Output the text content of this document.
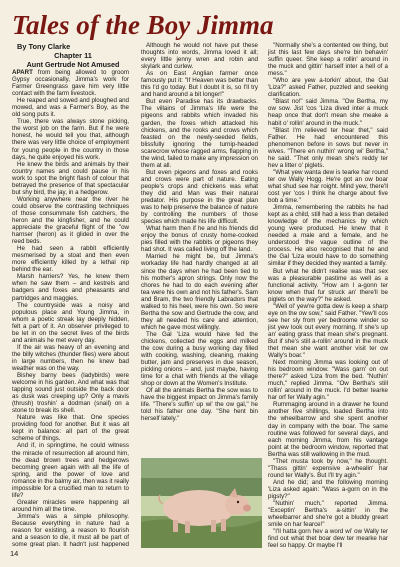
Tales of the Boy Jimma

By Tony Clarke

Chapter 11

Aunt Gertrude Not Amused

APART from being allowed to groom Gypsy occasionally, Jimma's work for Farmer Greengrass gave him very little contact with the farm livestock.

He reaped and sowed and ploughed and mowed, and was a Farmer's Boy, as the old song puts it.

True, there was always stone picking, the worst job on the farm. But if he were honest, he would tell you that, although there was very little choice of employment for young people in the country in those days, he quite enjoyed his work.

He knew the birds and animals by their country names and could pause in his work to spot the bright flash of colour that betrayed the presence of that spectacular but shy bird, the jay, in a hedgerow.

Working anywhere near the river he could observe the contrasting techniques of those consummate fish catchers, the heron and the kingfisher, and he could appreciate the graceful flight of the "ow harnser (heron) as it glided in over the reed beds.

He had seen a rabbit efficiently mesmerised by a stoat and then even more efficiently killed by a lethal nip behind the ear.

Marsh harriers? Yes, he knew them when he saw them – and kestrels and badgers and foxes and pheasants and partridges and maggies.

The countryside was a noisy and populous place and Young Jimma, in whom a poetic streak lay deeply hidden, felt a part of it. An observer privileged to be let in on the secret lives of the birds and animals he met every day.

If the air was heavy of an evening and the billy witches (thunder flies) were about in large numbers, then he knew bad weather was on the way.

Bishey barny bees (ladybirds) were welcome in his garden. And what was that tapping sound just outside the back door as dusk was creeping up? Only a mavis (thrush) troshin' a dodman (snail) on a stone to break its shell.

Nature was like that. One species providing food for another. But it was all kept in balance: all part of the great scheme of things.

And if, in springtime, he could witness the miracle of resurrection all around him, the dead brown trees and hedgerows becoming green again with all the life of spring, and the power of love and romance in the balmy air, then was it really impossible for a crucified man to return to life?

Greater miracles were happening all around him all the time.

Jimma's was a simple philosophy. Because everything in nature had a reason for existing, a reason to flourish and a season to die, it must all be part of some great plan. It hadn't just happened

Although he would not have put these thoughts into words, Jimma loved it all; every little jenny wren and robin and skylark and curlew.

As on East Anglian farmer once famously put it: "If Heaven was better than this I'd go today. But I doubt it is, so I'll try and hand around a bit longer!"

But even Paradise has its drawbacks. The villains of Jimma's life were the pigeons and rabbits which invaded his garden, the foxes which attacked his chickens, and the rooks and crows which feasted on the newly-seeded fields, blissfully ignoring the turnip-headed scarecrow whose ragged arms, flapping in the wind, failed to make any impression on them at all.

But even pigeons and foxes and rooks and crows were part of nature. Eating people's crops and chickens was what they did and Man was their natural predator. His purpose in the great plan was to help preserve the balance of nature by controlling the numbers of those species which made his life difficult.

What harm then if he and his friends did enjoy the bonus of crusty home-cooked pies filled with the rabbits or pigeons they had shot. It was called living off the land.

Married he might be, but Jimma's workaday life had hardly changed at all since the days when he had been tied to his mother's apron strings. Only now the chores he had to do each evening after tea were his own and not his father's. Sam and Bram, the two friendly Labradors that walked to his heel, were his own. So were Bertha the sow and Gertrude the cow, and they all needed his care and attention, which he gave most willingly.

The Gal 'Liza would have fed the chickens, collected the eggs and milked the cow during a busy working day filled with cooking, washing, cleaning, making butter, jam and preserves in due season, pickling onions – and, just maybe, having time for a chat with friends at the village shop or down at the Women's Institute.

Of all the animals Bertha the sow was to have the biggest impact on Jimma's family life. "There's suffin' up wi' the ow gal," he told his father one day. "She hent bin herself lately."

"Normally she's a contented ow thing, but jist this last few days she're bin behavin' suffin queer. She keep a rollin' around in the muck and gittin' harself inter a hell of a mess."

"Who are yew a-torkin' about, the Gal 'Liza?" asked Father, puzzled and seeking clarification.

"Blast no!" said Jimma. "Ow Bertha, my ow sow. Jist 'cos 'Liza dived inter a muck heap once that don't mean she meake a habit o' rollin' around in the muck."

"Blast I'm relieved ter hear thet," said Father. He had encountered this phenomenon before in sows but never in wives. "There en nuthin' wrong wi' Bertha," he said. "Thet only mean she's reddy ter hev a litter o' piglets.

"What yew wanta dew is tearke har round ter ow Wally Hogg. He're got an ow boar what shud see har roight. Mind yew, there'll cost yer 'cos I think he charge about five bob a time."

Jimma, remembering the rabbits he had kept as a child, still had a less than detailed knowledge of the mechanics by which young were produced. He knew that it needed a male and a female, and he understood the vague outline of the process. He also recognised that he and the Gal 'Liza would have to do something similar if they decided they wanted a family.

But what he didn't realise was that sex was a pleasurable pastime as well as a functional activity. "How am I a-gonn ter know when that fur struck an' there'll be piglets on the way?" he asked.

"Well ol' yew're gotta dew is keep a sharp eye on the ow sow," said Father. "Yew'll cos see her sly from yer bedroome winder so jist yew look out every morning. If she's up an' eating grass that mean she's pregnant. But if she's still a-rollin' around in the muck thet mean she want another visit ter ow Wally's boar."

Next morning Jimma was looking out of his bedroom window. "Wass garn' on out there?" asked 'Liza from the bed. "Nuthin' much," replied Jimma. "Ow Bertha's still rollin' around in the muck. I'd better tearke har orf fer Wally agin."

Rummaging around in a drawer he found another five shillings, loaded Bertha into the wheelbarrow and she spent another day in company with the boar. The same routine was followed for several days, and each morning Jimma, from his vantage point at the bedroom window, reported that Bertha was still wallowing in the mud.

"Thet musta took by now," he thought. "Thass gittin' expensive a-whealin' har round ter Wally's. But I'll try agin."

And he did; and the following morning 'Liza asked again: "Wass a-gorn on in the pigsty?"

"Nuthin' much," reported Jimma. "Exceptin' Bertha's a-sittin' in the wheelbarrer and she're got a bluddy greart smile on har fearce!"

"I'll hatta gorn hev a word wi' ow Wally ter find out what thet boar dew ter mearke har feel so happy. Or maybe I'll

14
